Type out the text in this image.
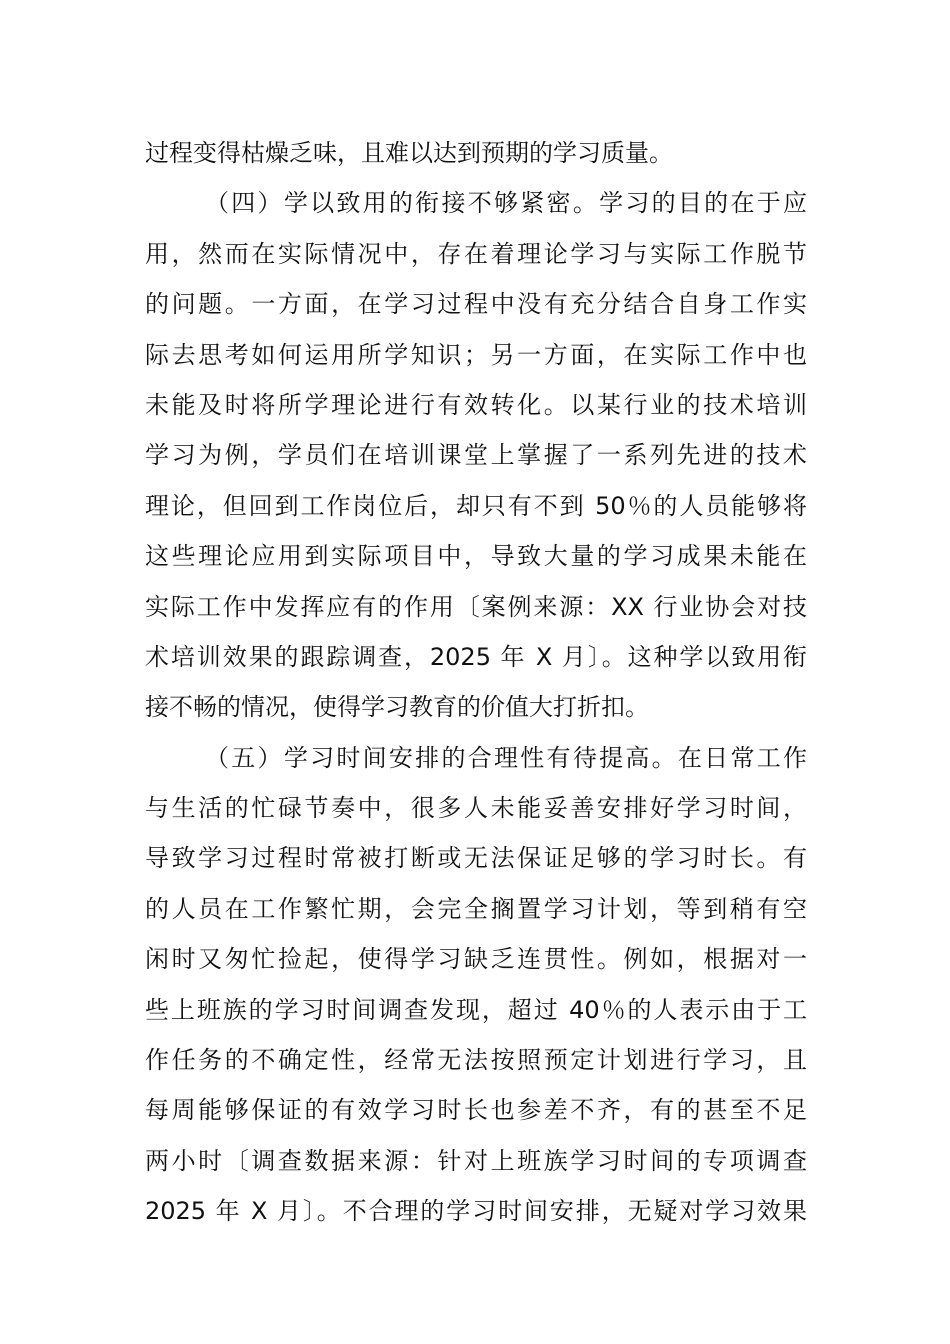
过程变得枯燥乏味，且难以达到预期的学习质量。
（四）学以致用的衔接不够紧密。学习的目的在于应
用，然而在实际情况中，存在着理论学习与实际工作脱节
的问题。一方面，在学习过程中没有充分结合自身工作实
际去思考如何运用所学知识；另一方面，在实际工作中也
未能及时将所学理论进行有效转化。以某行业的技术培训
学习为例，学员们在培训课堂上掌握了一系列先进的技术
理论，但回到工作岗位后，却只有不到 50％的人员能够将
这些理论应用到实际项目中，导致大量的学习成果未能在
实际工作中发挥应有的作用〔案例来源：XX 行业协会对技
术培训效果的跟踪调查，2025 年 X 月〕。这种学以致用衔
接不畅的情况，使得学习教育的价值大打折扣。
（五）学习时间安排的合理性有待提高。在日常工作
与生活的忙碌节奏中，很多人未能妥善安排好学习时间，
导致学习过程时常被打断或无法保证足够的学习时长。有
的人员在工作繁忙期，会完全搁置学习计划，等到稍有空
闲时又匆忙捡起，使得学习缺乏连贯性。例如，根据对一
些上班族的学习时间调查发现，超过 40％的人表示由于工
作任务的不确定性，经常无法按照预定计划进行学习，且
每周能够保证的有效学习时长也参差不齐，有的甚至不足
两小时〔调查数据来源：针对上班族学习时间的专项调查
2025 年 X 月〕。不合理的学习时间安排，无疑对学习效果
